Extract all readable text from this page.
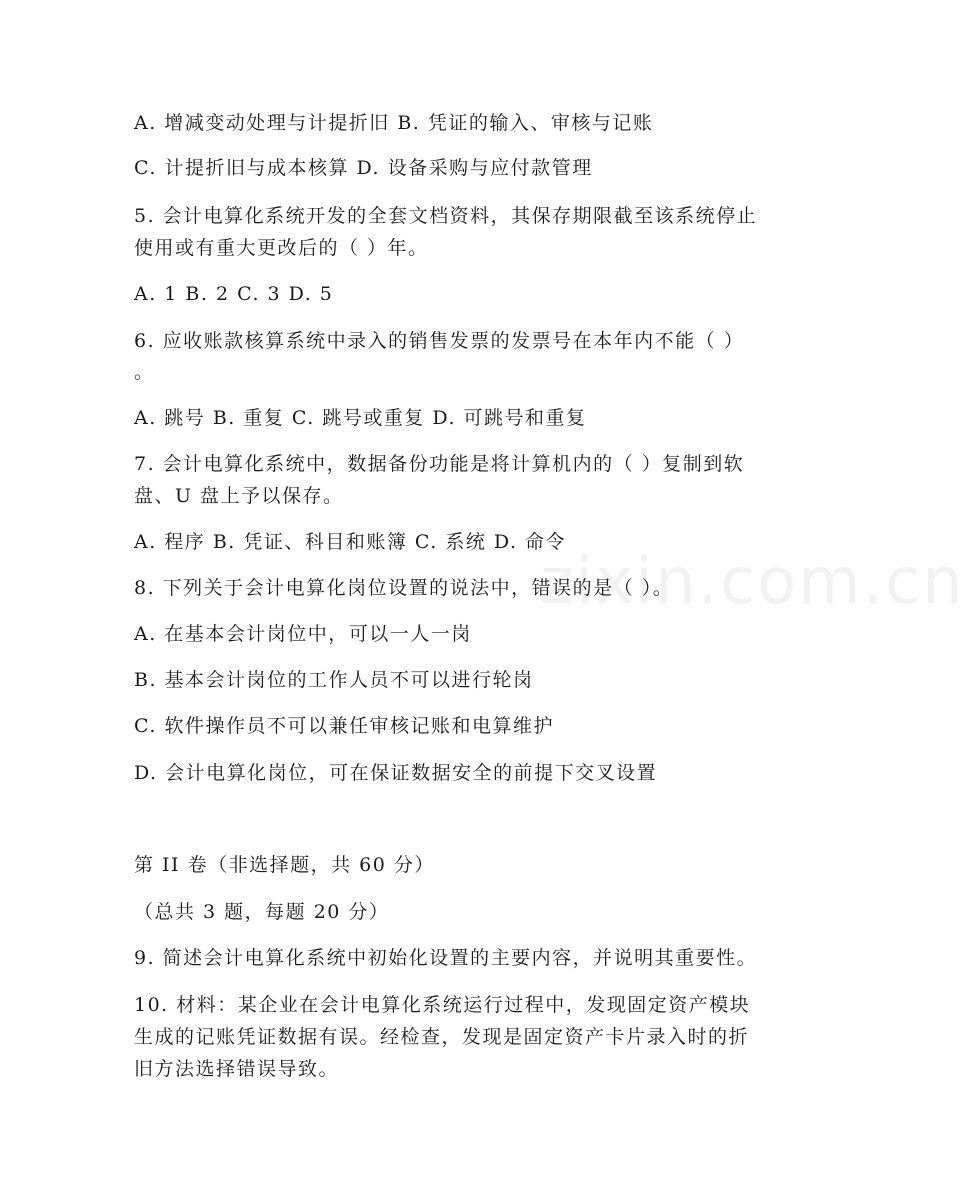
A. 增减变动处理与计提折旧 B. 凭证的输入、审核与记账
C. 计提折旧与成本核算 D. 设备采购与应付款管理
5. 会计电算化系统开发的全套文档资料，其保存期限截至该系统停止
使用或有重大更改后的（ ）年。
A. 1 B. 2 C. 3 D. 5
6. 应收账款核算系统中录入的销售发票的发票号在本年内不能（ ）
。
A. 跳号 B. 重复 C. 跳号或重复 D. 可跳号和重复
7. 会计电算化系统中，数据备份功能是将计算机内的（ ）复制到软
盘、U 盘上予以保存。
A. 程序 B. 凭证、科目和账簿 C. 系统 D. 命令
8. 下列关于会计电算化岗位设置的说法中，错误的是（ ）。
A. 在基本会计岗位中，可以一人一岗
B. 基本会计岗位的工作人员不可以进行轮岗
C. 软件操作员不可以兼任审核记账和电算维护
D. 会计电算化岗位，可在保证数据安全的前提下交叉设置
第 II 卷（非选择题，共 60 分）
（总共 3 题，每题 20 分）
9. 简述会计电算化系统中初始化设置的主要内容，并说明其重要性。
10. 材料：某企业在会计电算化系统运行过程中，发现固定资产模块
生成的记账凭证数据有误。经检查，发现是固定资产卡片录入时的折
旧方法选择错误导致。
zixin.com.cn
